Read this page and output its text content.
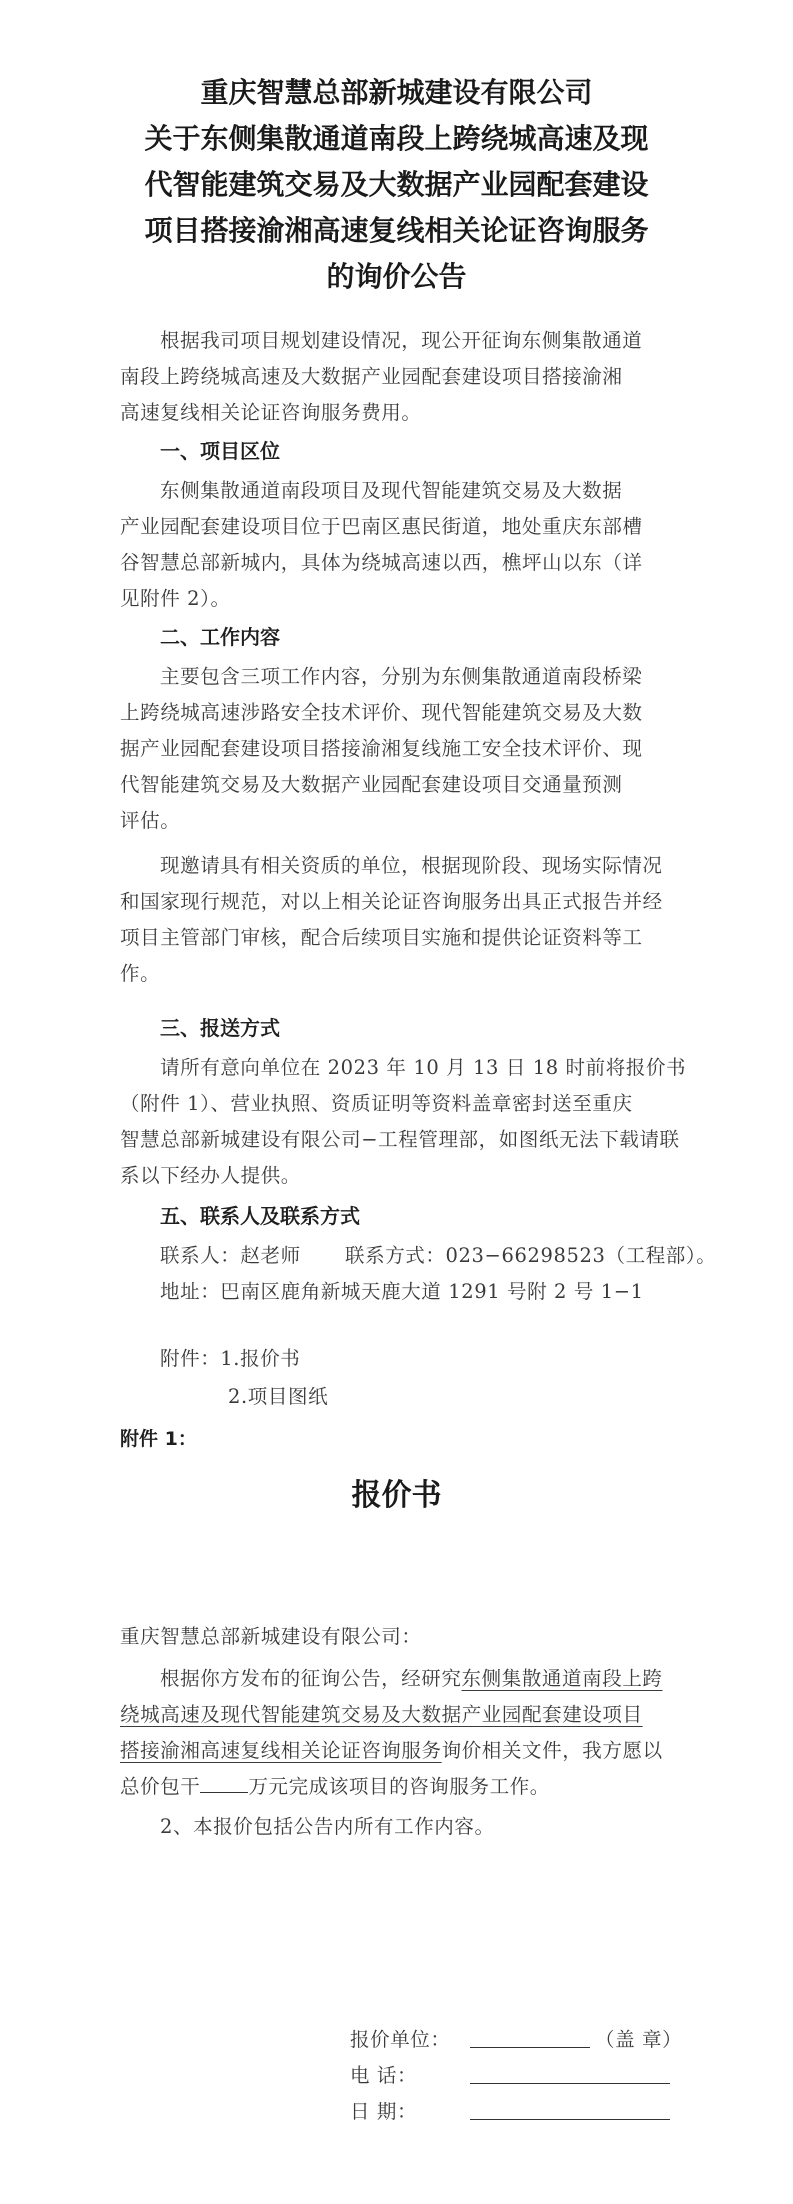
重庆智慧总部新城建设有限公司
关于东侧集散通道南段上跨绕城高速及现
代智能建筑交易及大数据产业园配套建设
项目搭接渝湘高速复线相关论证咨询服务
的询价公告
根据我司项目规划建设情况，现公开征询东侧集散通道
南段上跨绕城高速及大数据产业园配套建设项目搭接渝湘
高速复线相关论证咨询服务费用。
一、项目区位
东侧集散通道南段项目及现代智能建筑交易及大数据
产业园配套建设项目位于巴南区惠民街道，地处重庆东部槽
谷智慧总部新城内，具体为绕城高速以西，樵坪山以东（详
见附件 2）。
二、工作内容
主要包含三项工作内容，分别为东侧集散通道南段桥梁
上跨绕城高速涉路安全技术评价、现代智能建筑交易及大数
据产业园配套建设项目搭接渝湘复线施工安全技术评价、现
代智能建筑交易及大数据产业园配套建设项目交通量预测
评估。
现邀请具有相关资质的单位，根据现阶段、现场实际情况
和国家现行规范，对以上相关论证咨询服务出具正式报告并经
项目主管部门审核，配合后续项目实施和提供论证资料等工
作。
三、报送方式
请所有意向单位在 2023 年 10 月 13 日 18 时前将报价书
（附件 1）、营业执照、资质证明等资料盖章密封送至重庆
智慧总部新城建设有限公司−工程管理部，如图纸无法下载请联
系以下经办人提供。
五、联系人及联系方式
联系人：赵老师 联系方式：023−66298523（工程部）。
地址：巴南区鹿角新城天鹿大道 1291 号附 2 号 1−1
附件：1.报价书
2.项目图纸
附件 1：
报价书
重庆智慧总部新城建设有限公司：
根据你方发布的征询公告，经研究东侧集散通道南段上跨
绕城高速及现代智能建筑交易及大数据产业园配套建设项目
搭接渝湘高速复线相关论证咨询服务询价相关文件，我方愿以
总价包干 万元完成该项目的咨询服务工作。
2、本报价包括公告内所有工作内容。
报价单位：	（盖 章）
电 话：
日 期：
